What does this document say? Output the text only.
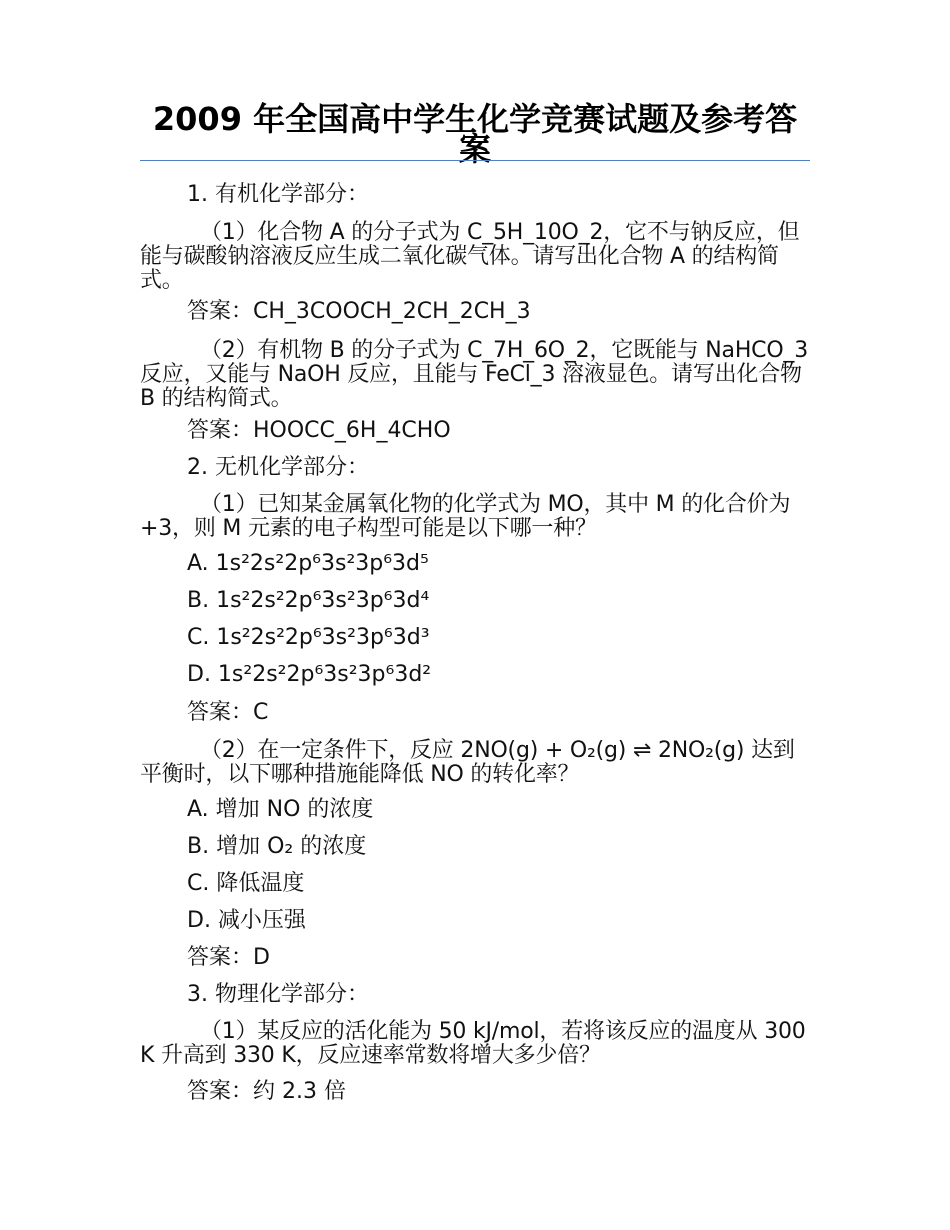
2009 年全国高中学生化学竞赛试题及参考答案
1. 有机化学部分：
（1）化合物 A 的分子式为 C_5H_10O_2，它不与钠反应，但能与碳酸钠溶液反应生成二氧化碳气体。请写出化合物 A 的结构简式。
答案：CH_3COOCH_2CH_2CH_3
（2）有机物 B 的分子式为 C_7H_6O_2，它既能与 NaHCO_3 反应，又能与 NaOH 反应，且能与 FeCl_3 溶液显色。请写出化合物 B 的结构简式。
答案：HOOCC_6H_4CHO
2. 无机化学部分：
（1）已知某金属氧化物的化学式为 MO，其中 M 的化合价为+3，则 M 元素的电子构型可能是以下哪一种？
A. 1s²2s²2p⁶3s²3p⁶3d⁵
B. 1s²2s²2p⁶3s²3p⁶3d⁴
C. 1s²2s²2p⁶3s²3p⁶3d³
D. 1s²2s²2p⁶3s²3p⁶3d²
答案：C
（2）在一定条件下，反应 2NO(g) + O₂(g) ⇌ 2NO₂(g) 达到平衡时，以下哪种措施能降低 NO 的转化率？
A. 增加 NO 的浓度
B. 增加 O₂ 的浓度
C. 降低温度
D. 减小压强
答案：D
3. 物理化学部分：
（1）某反应的活化能为 50 kJ/mol，若将该反应的温度从 300 K 升高到 330 K，反应速率常数将增大多少倍？
答案：约 2.3 倍
